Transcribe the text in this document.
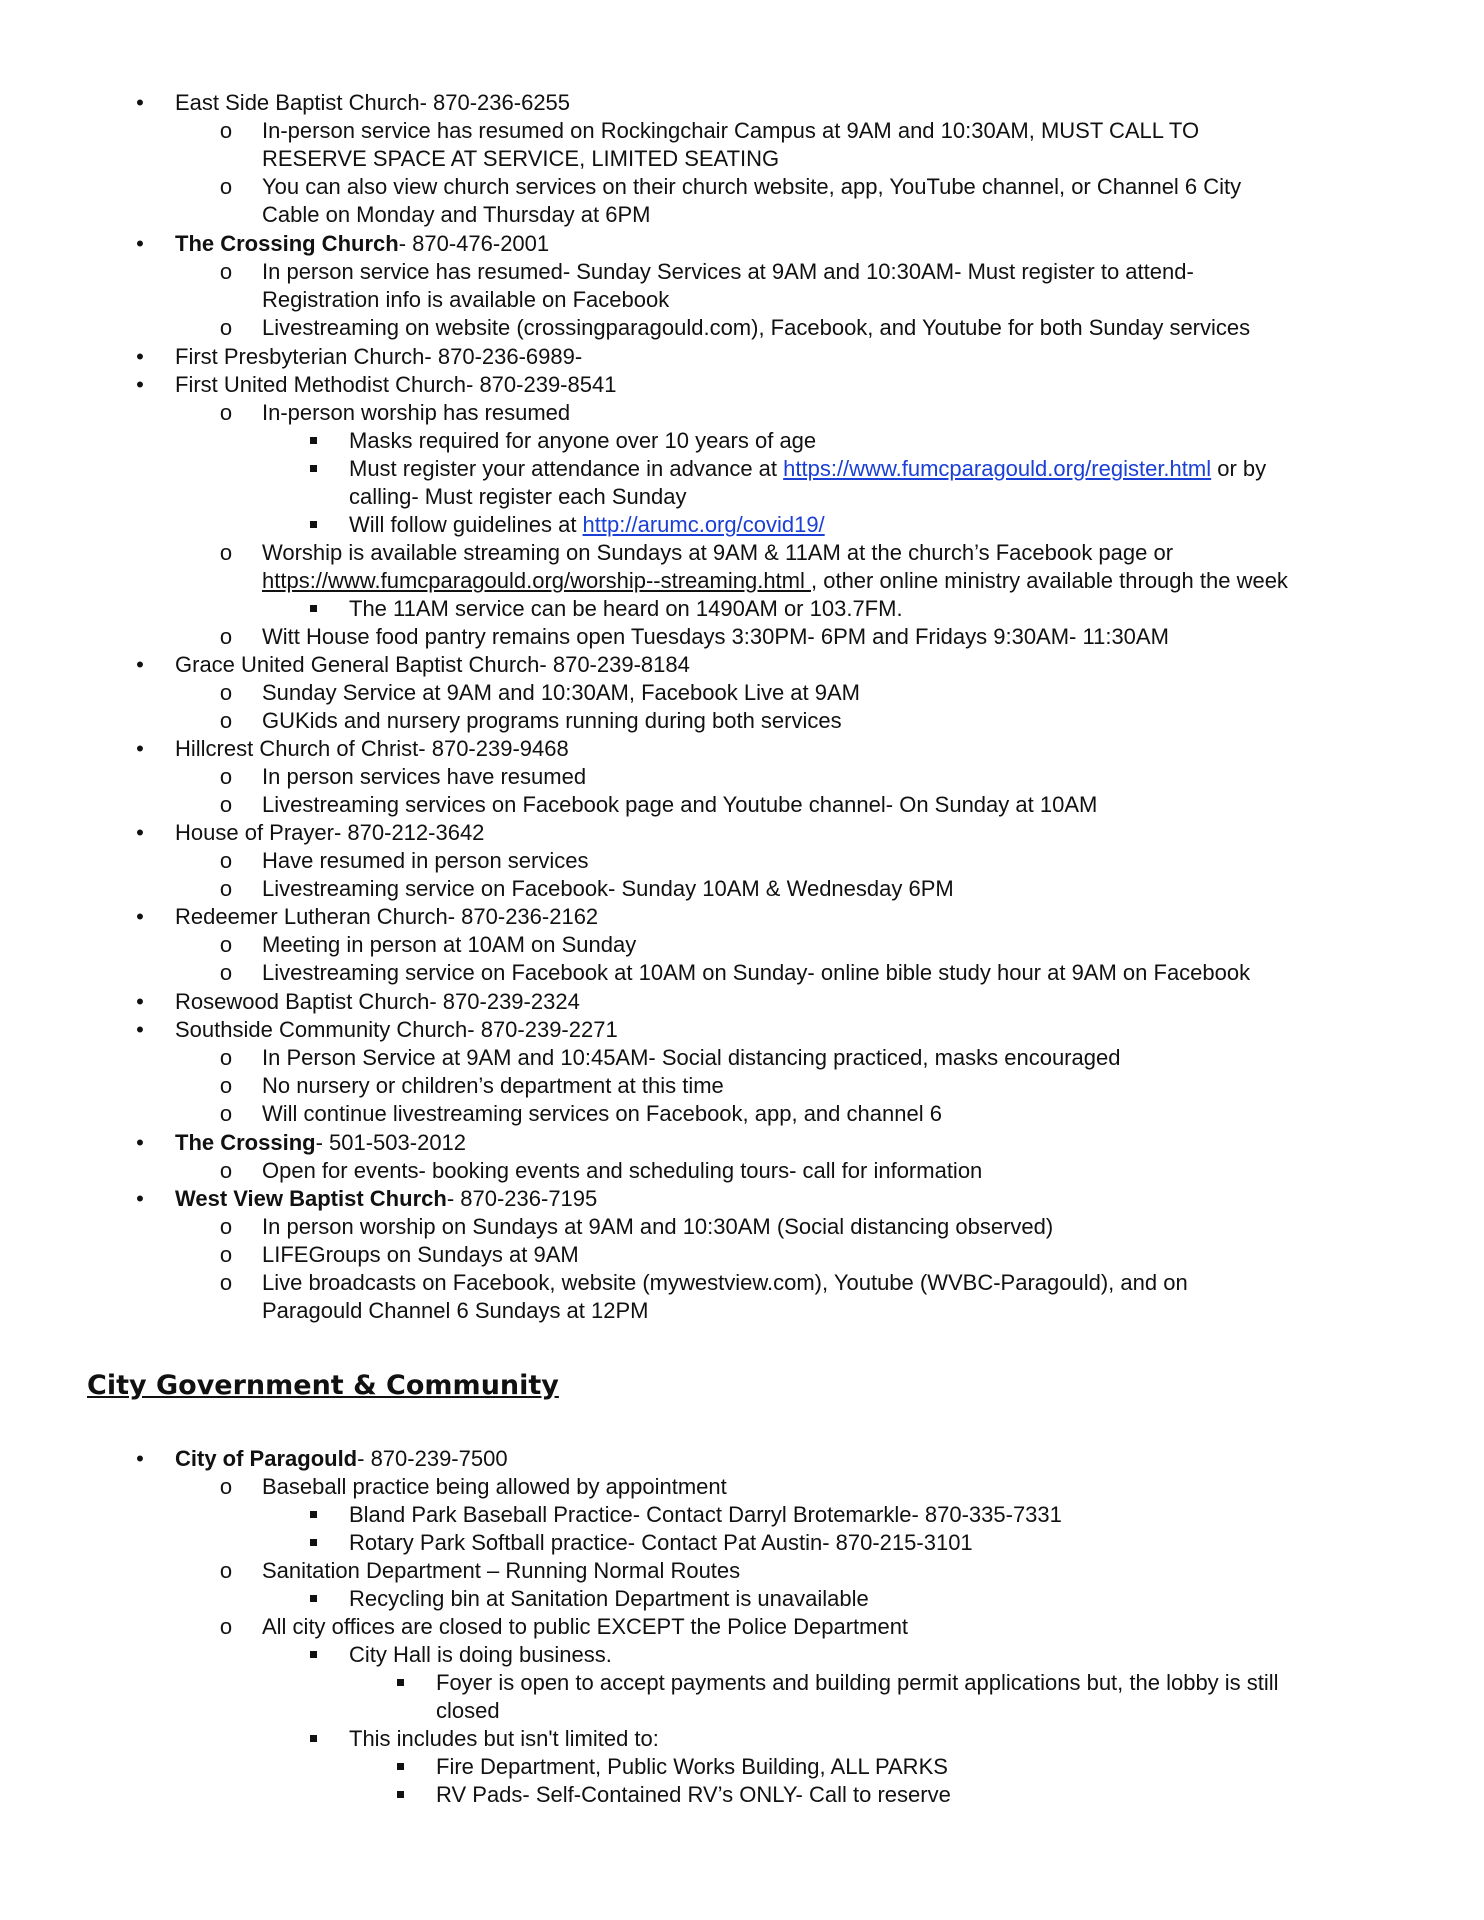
• East Side Baptist Church- 870-236-6255
o In-person service has resumed on Rockingchair Campus at 9AM and 10:30AM, MUST CALL TO
RESERVE SPACE AT SERVICE, LIMITED SEATING
o You can also view church services on their church website, app, YouTube channel, or Channel 6 City
Cable on Monday and Thursday at 6PM
• The Crossing Church- 870-476-2001
o In person service has resumed- Sunday Services at 9AM and 10:30AM- Must register to attend-
Registration info is available on Facebook
o Livestreaming on website (crossingparagould.com), Facebook, and Youtube for both Sunday services
• First Presbyterian Church- 870-236-6989-
• First United Methodist Church- 870-239-8541
o In-person worship has resumed
Masks required for anyone over 10 years of age
Must register your attendance in advance at https://www.fumcparagould.org/register.html or by
calling- Must register each Sunday
Will follow guidelines at http://arumc.org/covid19/
o Worship is available streaming on Sundays at 9AM & 11AM at the church’s Facebook page or
https://www.fumcparagould.org/worship--streaming.html , other online ministry available through the week
The 11AM service can be heard on 1490AM or 103.7FM.
o Witt House food pantry remains open Tuesdays 3:30PM- 6PM and Fridays 9:30AM- 11:30AM
• Grace United General Baptist Church- 870-239-8184
o Sunday Service at 9AM and 10:30AM, Facebook Live at 9AM
o GUKids and nursery programs running during both services
• Hillcrest Church of Christ- 870-239-9468
o In person services have resumed
o Livestreaming services on Facebook page and Youtube channel- On Sunday at 10AM
• House of Prayer- 870-212-3642
o Have resumed in person services
o Livestreaming service on Facebook- Sunday 10AM & Wednesday 6PM
• Redeemer Lutheran Church- 870-236-2162
o Meeting in person at 10AM on Sunday
o Livestreaming service on Facebook at 10AM on Sunday- online bible study hour at 9AM on Facebook
• Rosewood Baptist Church- 870-239-2324
• Southside Community Church- 870-239-2271
o In Person Service at 9AM and 10:45AM- Social distancing practiced, masks encouraged
o No nursery or children’s department at this time
o Will continue livestreaming services on Facebook, app, and channel 6
• The Crossing- 501-503-2012
o Open for events- booking events and scheduling tours- call for information
• West View Baptist Church- 870-236-7195
o In person worship on Sundays at 9AM and 10:30AM (Social distancing observed)
o LIFEGroups on Sundays at 9AM
o Live broadcasts on Facebook, website (mywestview.com), Youtube (WVBC-Paragould), and on
Paragould Channel 6 Sundays at 12PM
City Government & Community
• City of Paragould- 870-239-7500
o Baseball practice being allowed by appointment
Bland Park Baseball Practice- Contact Darryl Brotemarkle- 870-335-7331
Rotary Park Softball practice- Contact Pat Austin- 870-215-3101
o Sanitation Department – Running Normal Routes
Recycling bin at Sanitation Department is unavailable
o All city offices are closed to public EXCEPT the Police Department
City Hall is doing business.
Foyer is open to accept payments and building permit applications but, the lobby is still
closed
This includes but isn't limited to:
Fire Department, Public Works Building, ALL PARKS
RV Pads- Self-Contained RV’s ONLY- Call to reserve
